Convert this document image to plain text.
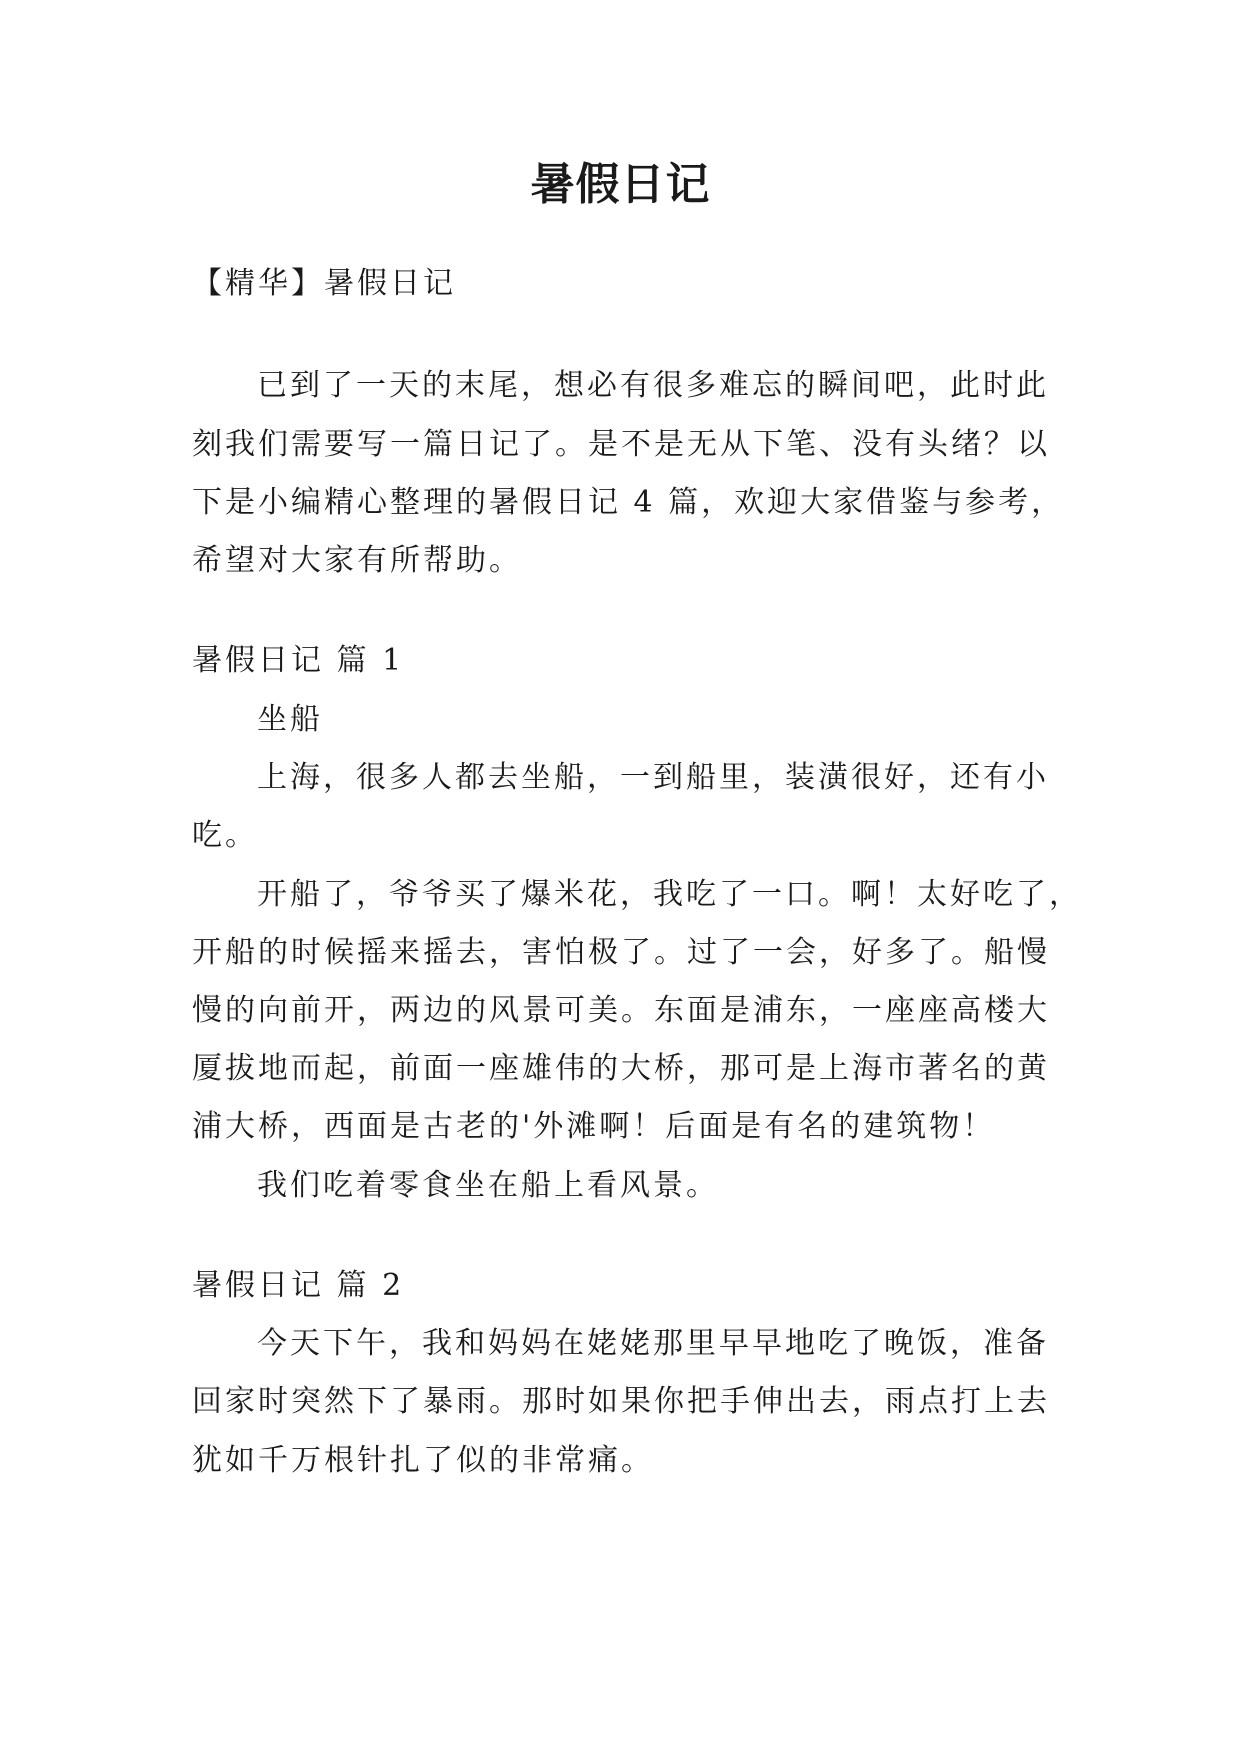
暑假日记
【精华】暑假日记
已到了一天的末尾，想必有很多难忘的瞬间吧，此时此
刻我们需要写一篇日记了。是不是无从下笔、没有头绪？以
下是小编精心整理的暑假日记 4 篇，欢迎大家借鉴与参考，
希望对大家有所帮助。
暑假日记 篇 1
坐船
上海，很多人都去坐船，一到船里，装潢很好，还有小
吃。
开船了，爷爷买了爆米花，我吃了一口。啊！太好吃了，
开船的时候摇来摇去，害怕极了。过了一会，好多了。船慢
慢的向前开，两边的风景可美。东面是浦东，一座座高楼大
厦拔地而起，前面一座雄伟的大桥，那可是上海市著名的黄
浦大桥，西面是古老的'外滩啊！后面是有名的建筑物！
我们吃着零食坐在船上看风景。
暑假日记 篇 2
今天下午，我和妈妈在姥姥那里早早地吃了晚饭，准备
回家时突然下了暴雨。那时如果你把手伸出去，雨点打上去
犹如千万根针扎了似的非常痛。
